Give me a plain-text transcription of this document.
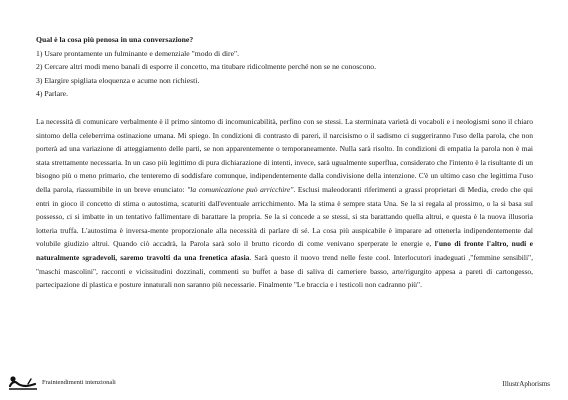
Qual è la cosa più penosa in una conversazione?
1) Usare prontamente un fulminante e demenziale "modo di dire".
2) Cercare altri modi meno banali di esporre il concetto, ma titubare ridicolmente perché non se ne conoscono.
3) Elargire spigliata eloquenza e acume non richiesti.
4) Parlare.
La necessità di comunicare verbalmente è il primo sintomo di incomunicabilità, perfino con se stessi. La sterminata varietà di vocaboli e i neologismi sono il chiaro sintomo della celeberrima ostinazione umana. Mi spiego. In condizioni di contrasto di pareri, il narcisismo o il sadismo ci suggeriranno l'uso della parola, che non porterà ad una variazione di atteggiamento delle parti, se non apparentemente o temporaneamente. Nulla sarà risolto. In condizioni di empatia la parola non è mai stata strettamente necessaria. In un caso più legittimo di pura dichiarazione di intenti, invece, sarà ugualmente superflua, considerato che l'intento è la risultante di un bisogno più o meno primario, che tenteremo di soddisfare comunque, indipendentemente dalla condivisione della intenzione. C'è un ultimo caso che legittima l'uso della parola, riassumibile in un breve enunciato: "la comunicazione può arricchire". Esclusi maleodoranti riferimenti a grassi proprietari di Media, credo che qui entri in gioco il concetto di stima o autostima, scaturiti dall'eventuale arricchimento. Ma la stima è sempre stata Una. Se la si regala al prossimo, o la si basa sul possesso, ci si imbatte in un tentativo fallimentare di barattare la propria. Se la si concede a se stessi, si sta barattando quella altrui, e questa è la nuova illusoria lotteria truffa. L'autostima è inversa-mente proporzionale alla necessità di parlare di sé. La cosa più auspicabile è imparare ad ottenerla indipendentemente dal volubile giudizio altrui. Quando ciò accadrà, la Parola sarà solo il brutto ricordo di come venivano sperperate le energie e, l'uno di fronte l'altro, nudi e naturalmente sgradevoli, saremo travolti da una frenetica afasia. Sarà questo il nuovo trend nelle feste cool. Interlocutori inadeguati ,"femmine sensibili", "maschi mascolini", racconti e vicissitudini dozzinali, commenti su buffet a base di saliva di cameriere basso, arte/rigurgito appesa a pareti di cartongesso, partecipazione di plastica e posture innaturali non saranno più necessarie. Finalmente "Le braccia e i testicoli non cadranno più".
Fraintendimenti intenzionali	IllustrAphorisms
